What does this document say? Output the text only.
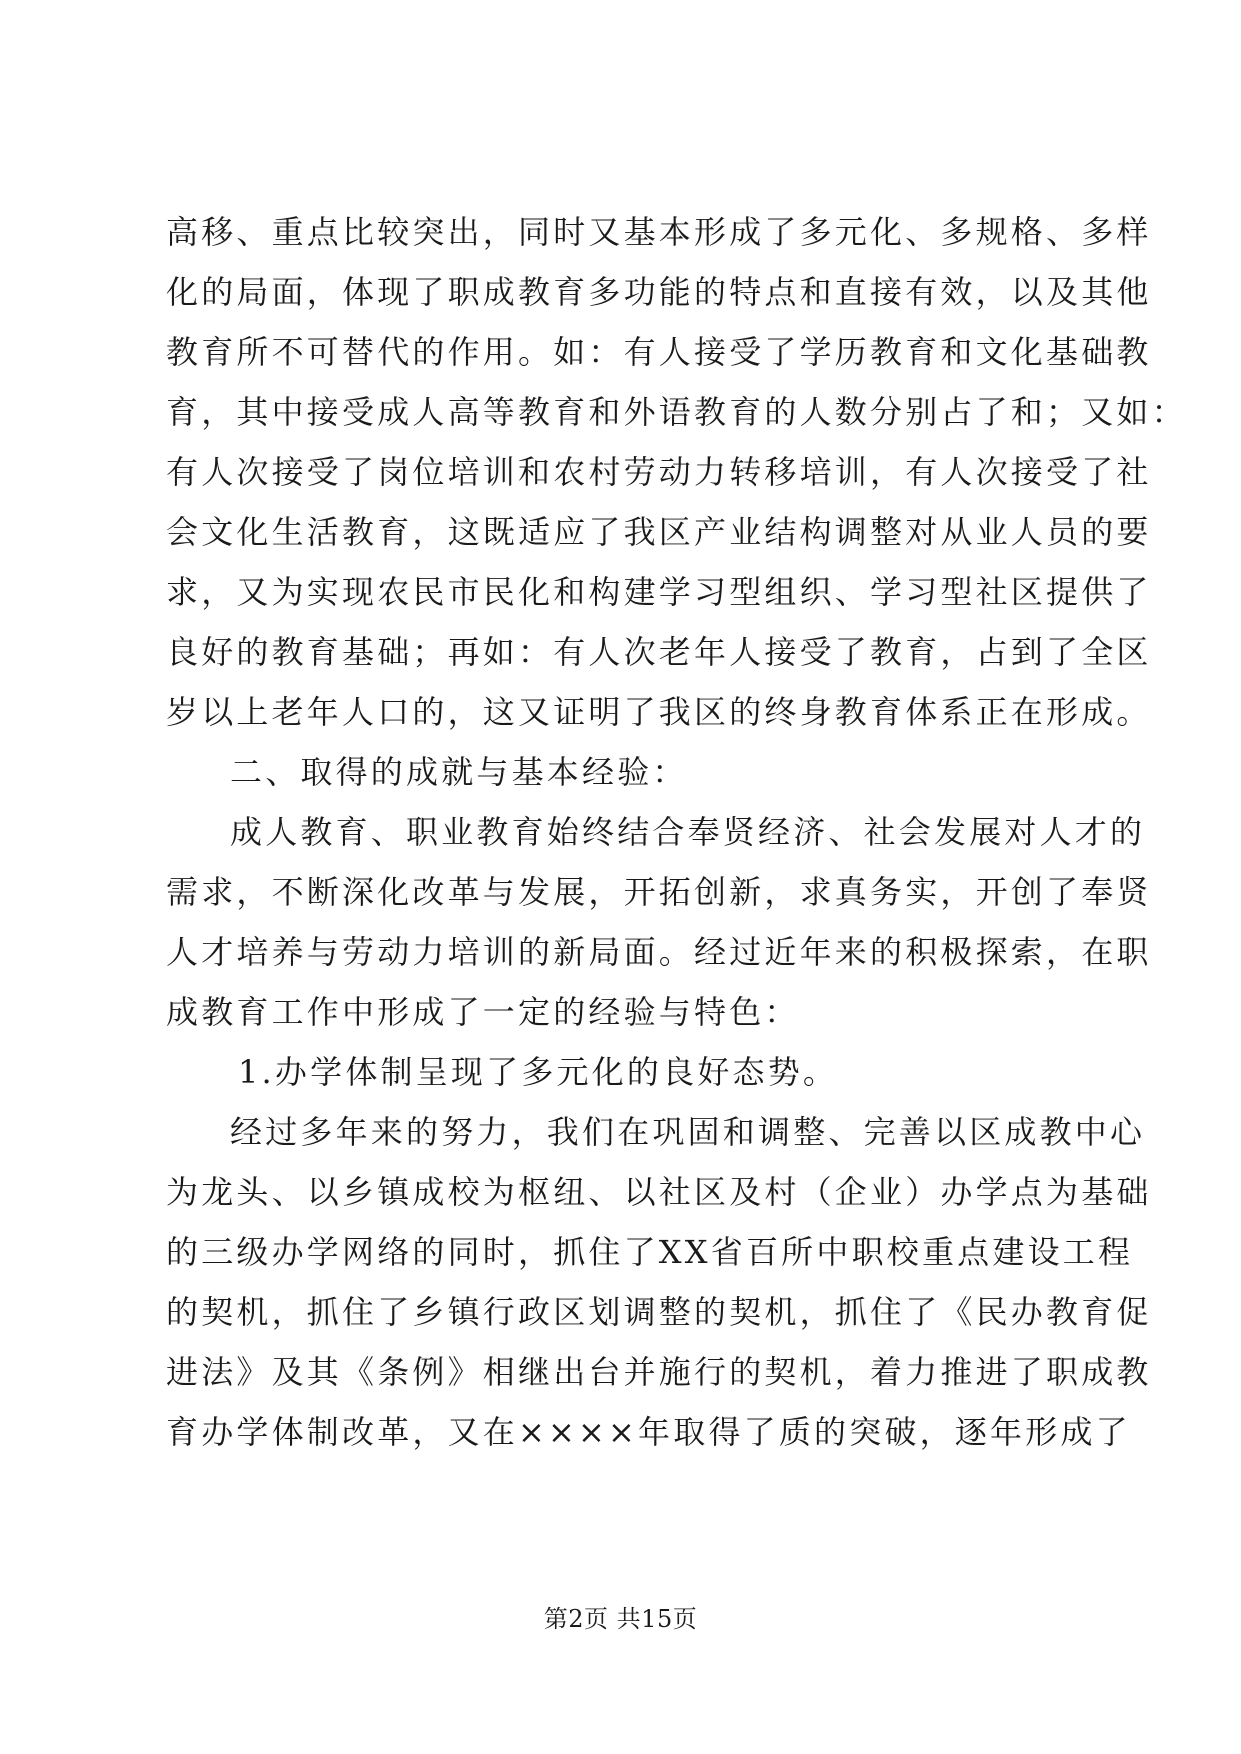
高移、重点比较突出，同时又基本形成了多元化、多规格、多样
化的局面，体现了职成教育多功能的特点和直接有效，以及其他
教育所不可替代的作用。如：有人接受了学历教育和文化基础教
育，其中接受成人高等教育和外语教育的人数分别占了和；又如：
有人次接受了岗位培训和农村劳动力转移培训，有人次接受了社
会文化生活教育，这既适应了我区产业结构调整对从业人员的要
求，又为实现农民市民化和构建学习型组织、学习型社区提供了
良好的教育基础；再如：有人次老年人接受了教育，占到了全区
岁以上老年人口的，这又证明了我区的终身教育体系正在形成。
二、取得的成就与基本经验：
成人教育、职业教育始终结合奉贤经济、社会发展对人才的
需求，不断深化改革与发展，开拓创新，求真务实，开创了奉贤
人才培养与劳动力培训的新局面。经过近年来的积极探索，在职
成教育工作中形成了一定的经验与特色：
1.办学体制呈现了多元化的良好态势。
经过多年来的努力，我们在巩固和调整、完善以区成教中心
为龙头、以乡镇成校为枢纽、以社区及村（企业）办学点为基础
的三级办学网络的同时，抓住了XX省百所中职校重点建设工程
的契机，抓住了乡镇行政区划调整的契机，抓住了《民办教育促
进法》及其《条例》相继出台并施行的契机，着力推进了职成教
育办学体制改革，又在××××年取得了质的突破，逐年形成了
第2页 共15页
